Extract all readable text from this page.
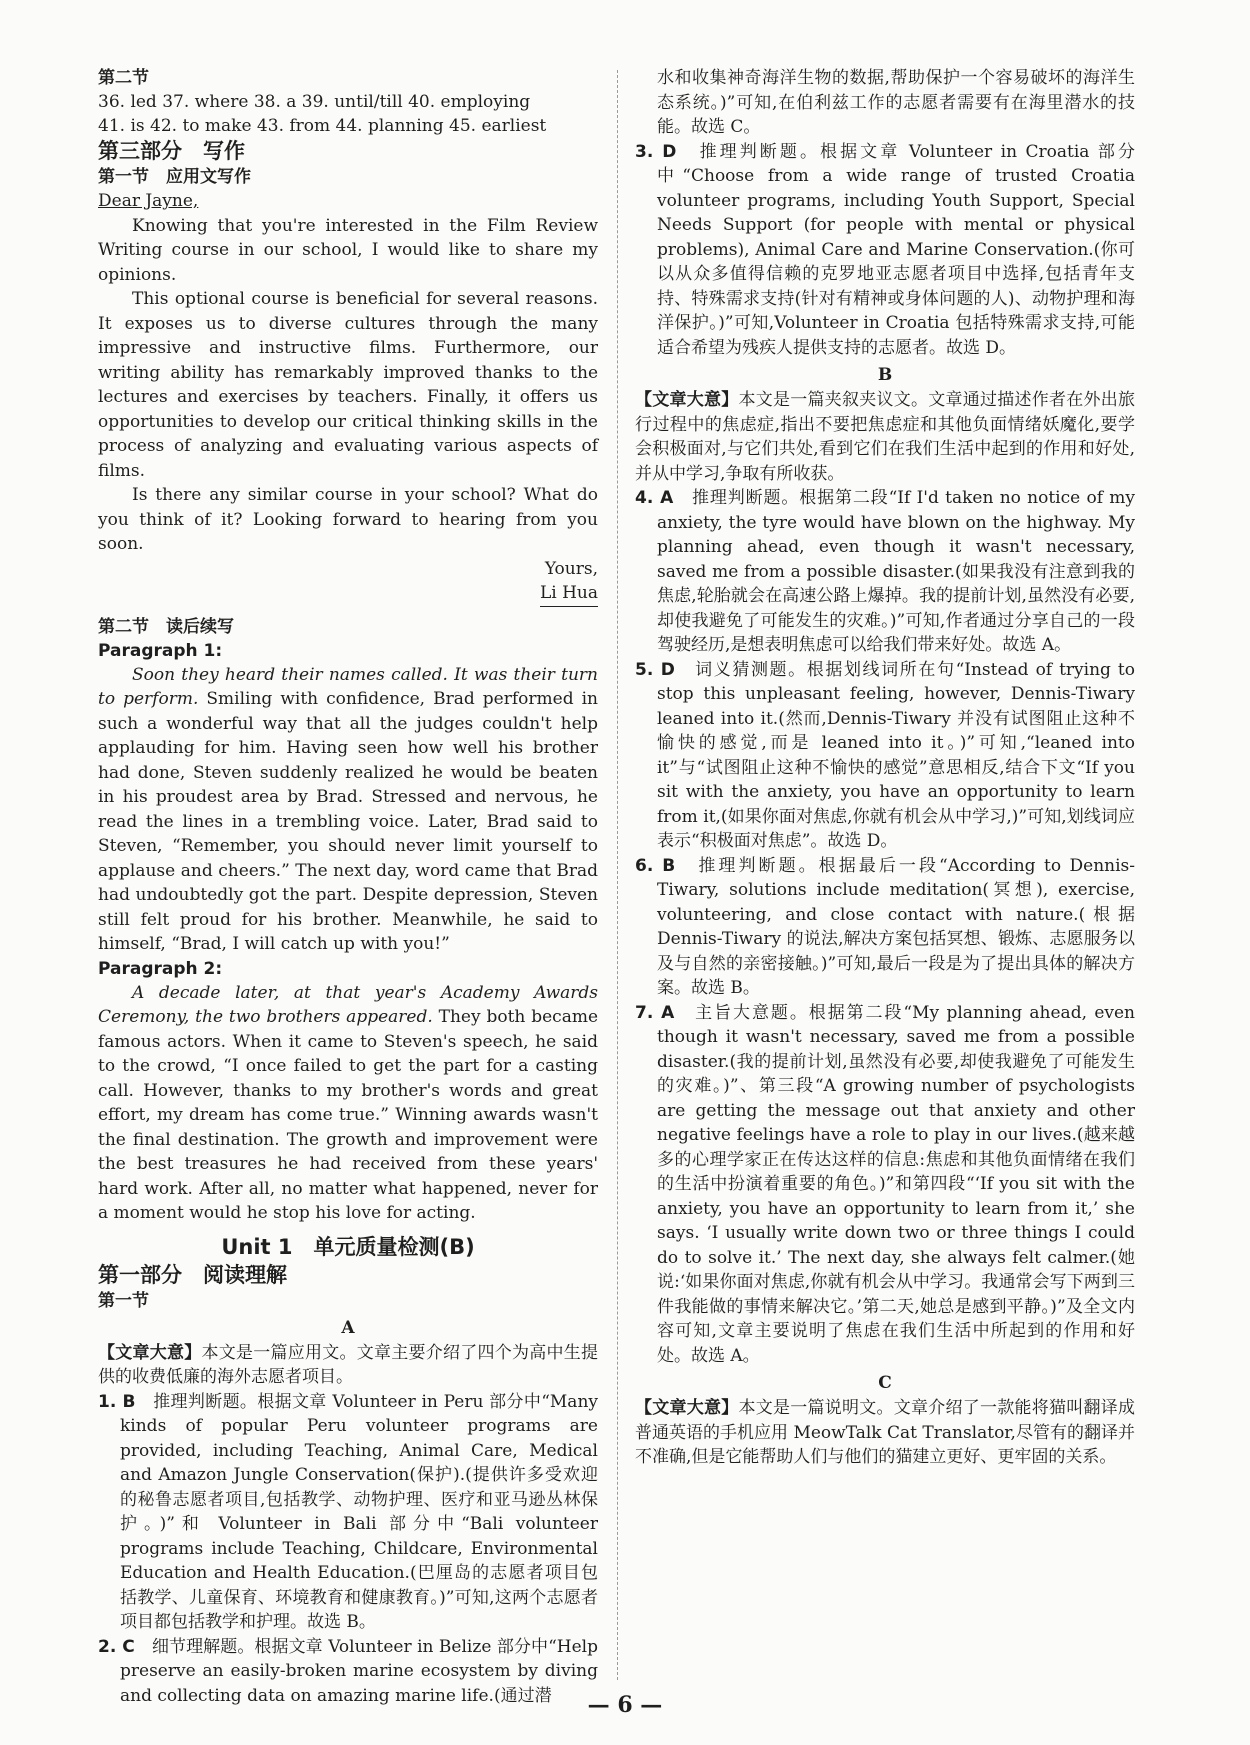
第二节
36. led 37. where 38. a 39. until/till 40. employing
41. is 42. to make 43. from 44. planning 45. earliest
第三部分　写作
第一节　应用文写作

Dear Jayne,

Knowing that you're interested in the Film Review Writing course in our school, I would like to share my opinions.

This optional course is beneficial for several reasons. It exposes us to diverse cultures through the many impressive and instructive films. Furthermore, our writing ability has remarkably improved thanks to the lectures and exercises by teachers. Finally, it offers us opportunities to develop our critical thinking skills in the process of analyzing and evaluating various aspects of films.

Is there any similar course in your school? What do you think of it? Looking forward to hearing from you soon.

Yours,

Li Hua

第二节　读后续写
Paragraph 1:

Soon they heard their names called. It was their turn to perform. Smiling with confidence, Brad performed in such a wonderful way that all the judges couldn't help applauding for him. Having seen how well his brother had done, Steven suddenly realized he would be beaten in his proudest area by Brad. Stressed and nervous, he read the lines in a trembling voice. Later, Brad said to Steven, “Remember, you should never limit yourself to applause and cheers.” The next day, word came that Brad had undoubtedly got the part. Despite depression, Steven still felt proud for his brother. Meanwhile, he said to himself, “Brad, I will catch up with you!”

Paragraph 2:

A decade later, at that year's Academy Awards Ceremony, the two brothers appeared. They both became famous actors. When it came to Steven's speech, he said to the crowd, “I once failed to get the part for a casting call. However, thanks to my brother's words and great effort, my dream has come true.” Winning awards wasn't the final destination. The growth and improvement were the best treasures he had received from these years' hard work. After all, no matter what happened, never for a moment would he stop his love for acting.

Unit 1　单元质量检测(B)
第一部分　阅读理解
第一节
A

【文章大意】本文是一篇应用文。文章主要介绍了四个为高中生提供的收费低廉的海外志愿者项目。

1. B　 推理判断题。根据文章 Volunteer in Peru 部分中“Many kinds of popular Peru volunteer programs are provided, including Teaching, Animal Care, Medical and Amazon Jungle Conservation(保护).(提供许多受欢迎的秘鲁志愿者项目,包括教学、动物护理、医疗和亚马逊丛林保护。)”和 Volunteer in Bali 部分中“Bali volunteer programs include Teaching, Childcare, Environmental Education and Health Education.(巴厘岛的志愿者项目包括教学、儿童保育、环境教育和健康教育。)”可知,这两个志愿者项目都包括教学和护理。故选 B。

2. C　 细节理解题。根据文章 Volunteer in Belize 部分中“Help preserve an easily-broken marine ecosystem by diving and collecting data on amazing marine life.(通过潜

水和收集神奇海洋生物的数据,帮助保护一个容易破坏的海洋生态系统。)”可知,在伯利兹工作的志愿者需要有在海里潜水的技能。故选 C。

3. D　 推理判断题。根据文章 Volunteer in Croatia 部分中“Choose from a wide range of trusted Croatia volunteer programs, including Youth Support, Special Needs Support (for people with mental or physical problems), Animal Care and Marine Conservation.(你可以从众多值得信赖的克罗地亚志愿者项目中选择,包括青年支持、特殊需求支持(针对有精神或身体问题的人)、动物护理和海洋保护。)”可知,Volunteer in Croatia 包括特殊需求支持,可能适合希望为残疾人提供支持的志愿者。故选 D。

B

【文章大意】本文是一篇夹叙夹议文。文章通过描述作者在外出旅行过程中的焦虑症,指出不要把焦虑症和其他负面情绪妖魔化,要学会积极面对,与它们共处,看到它们在我们生活中起到的作用和好处,并从中学习,争取有所收获。

4. A　 推理判断题。根据第二段“If I'd taken no notice of my anxiety, the tyre would have blown on the highway. My planning ahead, even though it wasn't necessary, saved me from a possible disaster.(如果我没有注意到我的焦虑,轮胎就会在高速公路上爆掉。我的提前计划,虽然没有必要,却使我避免了可能发生的灾难。)”可知,作者通过分享自己的一段驾驶经历,是想表明焦虑可以给我们带来好处。故选 A。

5. D　 词义猜测题。根据划线词所在句“Instead of trying to stop this unpleasant feeling, however, Dennis-Tiwary leaned into it.(然而,Dennis-Tiwary 并没有试图阻止这种不愉快的感觉,而是 leaned into it。)”可知,“leaned into it”与“试图阻止这种不愉快的感觉”意思相反,结合下文“If you sit with the anxiety, you have an opportunity to learn from it,(如果你面对焦虑,你就有机会从中学习,)”可知,划线词应表示“积极面对焦虑”。故选 D。

6. B　 推理判断题。根据最后一段“According to Dennis-Tiwary, solutions include meditation(冥想), exercise, volunteering, and close contact with nature.(根据 Dennis-Tiwary 的说法,解决方案包括冥想、锻炼、志愿服务以及与自然的亲密接触。)”可知,最后一段是为了提出具体的解决方案。故选 B。

7. A　 主旨大意题。根据第二段“My planning ahead, even though it wasn't necessary, saved me from a possible disaster.(我的提前计划,虽然没有必要,却使我避免了可能发生的灾难。)”、第三段“A growing number of psychologists are getting the message out that anxiety and other negative feelings have a role to play in our lives.(越来越多的心理学家正在传达这样的信息:焦虑和其他负面情绪在我们的生活中扮演着重要的角色。)”和第四段“‘If you sit with the anxiety, you have an opportunity to learn from it,’ she says. ‘I usually write down two or three things I could do to solve it.’ The next day, she always felt calmer.(她说:‘如果你面对焦虑,你就有机会从中学习。我通常会写下两到三件我能做的事情来解决它。’第二天,她总是感到平静。)”及全文内容可知,文章主要说明了焦虑在我们生活中所起到的作用和好处。故选 A。

C

【文章大意】本文是一篇说明文。文章介绍了一款能将猫叫翻译成普通英语的手机应用 MeowTalk Cat Translator,尽管有的翻译并不准确,但是它能帮助人们与他们的猫建立更好、更牢固的关系。

— 6 —
